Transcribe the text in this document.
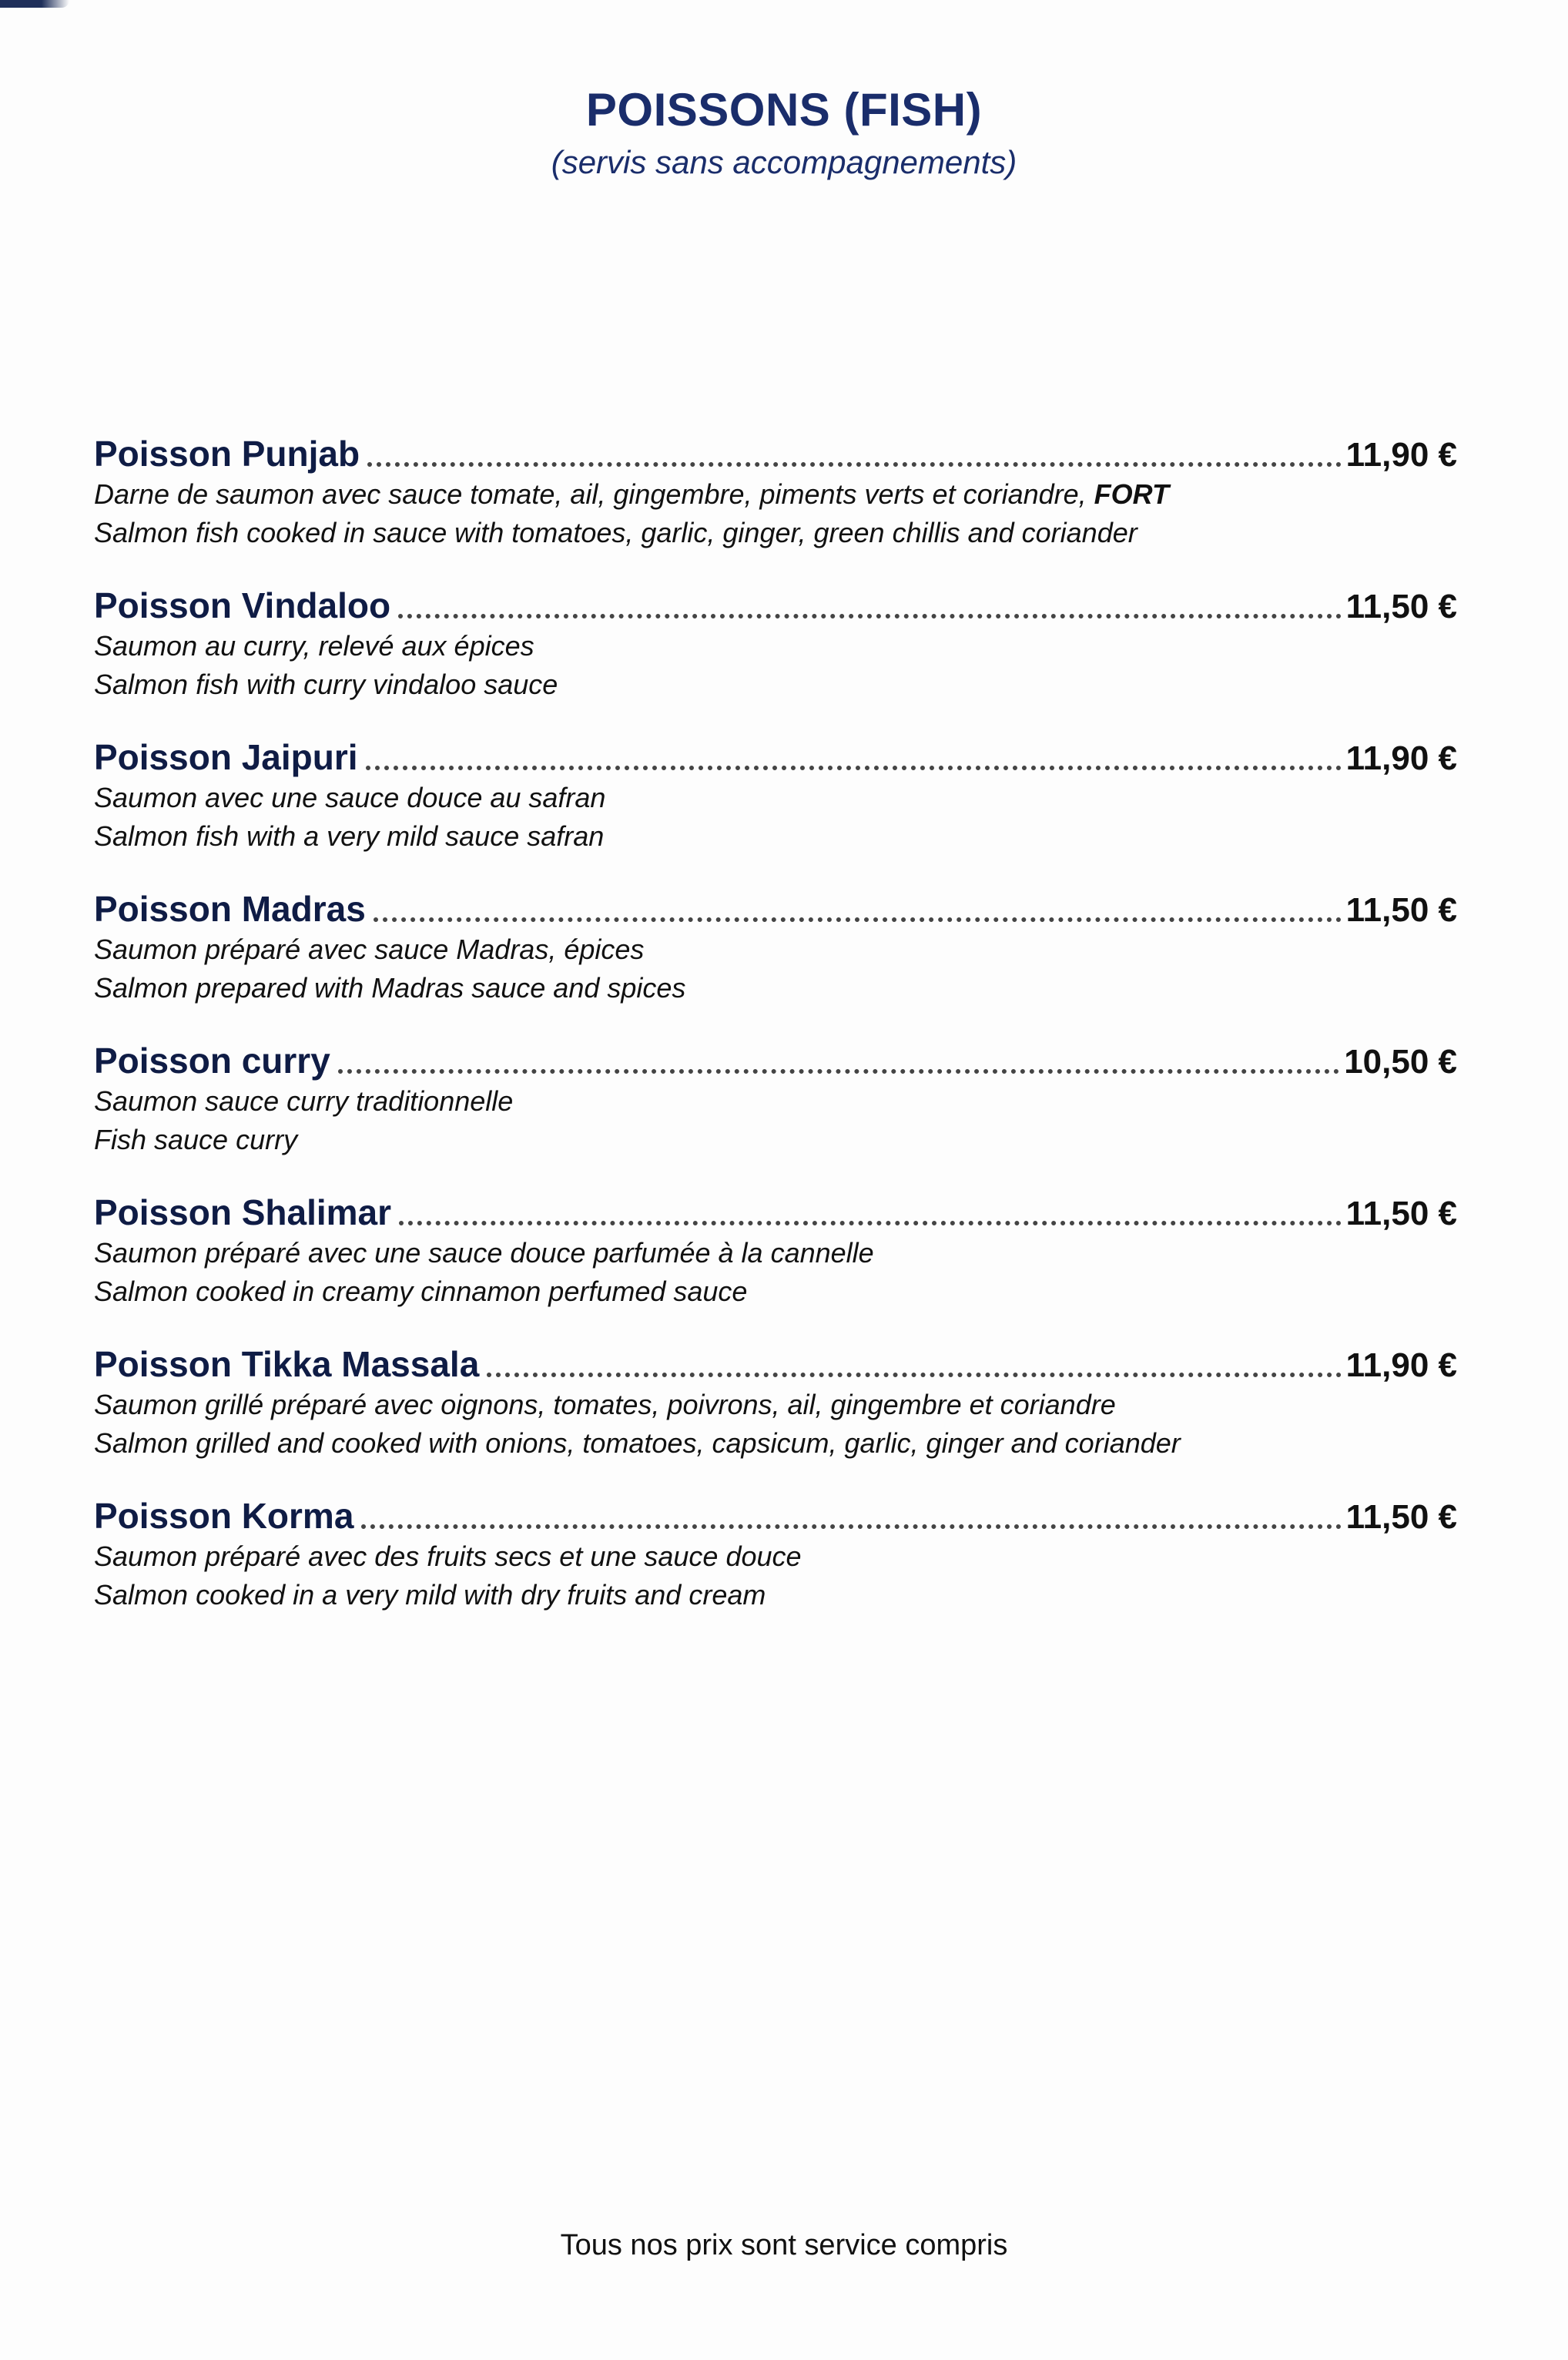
POISSONS (FISH)
(servis sans accompagnements)
Poisson Punjab	11,90 €
Darne de saumon avec sauce tomate, ail, gingembre, piments verts et coriandre, FORT
Salmon fish cooked in sauce with tomatoes, garlic, ginger, green chillis and coriander
Poisson Vindaloo	11,50 €
Saumon au curry, relevé aux épices
Salmon fish with curry vindaloo sauce
Poisson Jaipuri	11,90 €
Saumon avec une sauce douce au safran
Salmon fish with a very mild sauce safran
Poisson Madras	11,50 €
Saumon préparé avec sauce Madras, épices
Salmon prepared with Madras sauce and spices
Poisson curry	10,50 €
Saumon sauce curry traditionnelle
Fish sauce curry
Poisson Shalimar	11,50 €
Saumon préparé avec une sauce douce parfumée à la cannelle
Salmon cooked in creamy cinnamon perfumed sauce
Poisson Tikka Massala	11,90 €
Saumon grillé préparé avec oignons, tomates, poivrons, ail, gingembre et coriandre
Salmon grilled and cooked with onions, tomatoes, capsicum, garlic, ginger and coriander
Poisson Korma	11,50 €
Saumon préparé avec des fruits secs et une sauce douce
Salmon cooked in a very mild with dry fruits and cream
Tous nos prix sont service compris
